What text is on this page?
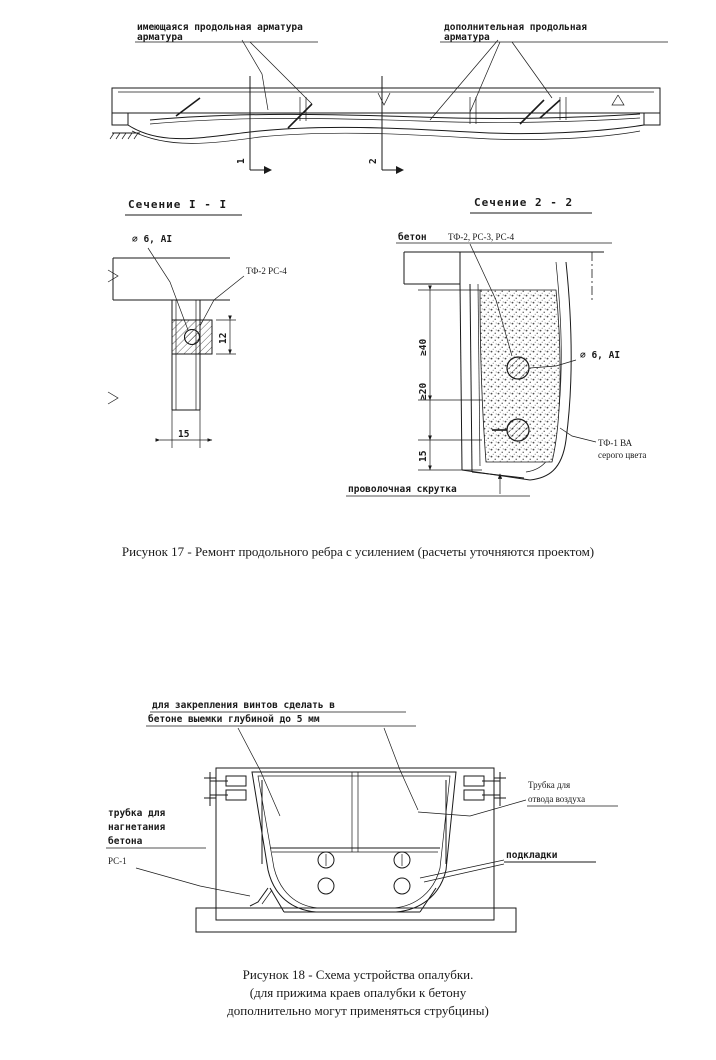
1	2
имеющаяся продольная арматура
арматура
дополнительная продольная
арматура
Сечение I - I
⌀ 6, AI
ТФ-2 РС-4
12
15
Сечение 2 - 2
бетон ТФ-2, РС-3, РС-4
⌀ 6, AI
ТФ-1 ВА
серого цвета
проволочная скрутка
≥40
≥20
15
Рисунок 17 - Ремонт продольного ребра с усилением (расчеты уточняются проектом)
для закрепления винтов сделать в
бетоне выемки глубиной до 5 мм
Трубка для
отвода воздуха
трубка для
нагнетания
бетона
РС-1	подкладки
Рисунок 18 - Схема устройства опалубки.
(для прижима краев опалубки к бетону
дополнительно могут применяться струбцины)
